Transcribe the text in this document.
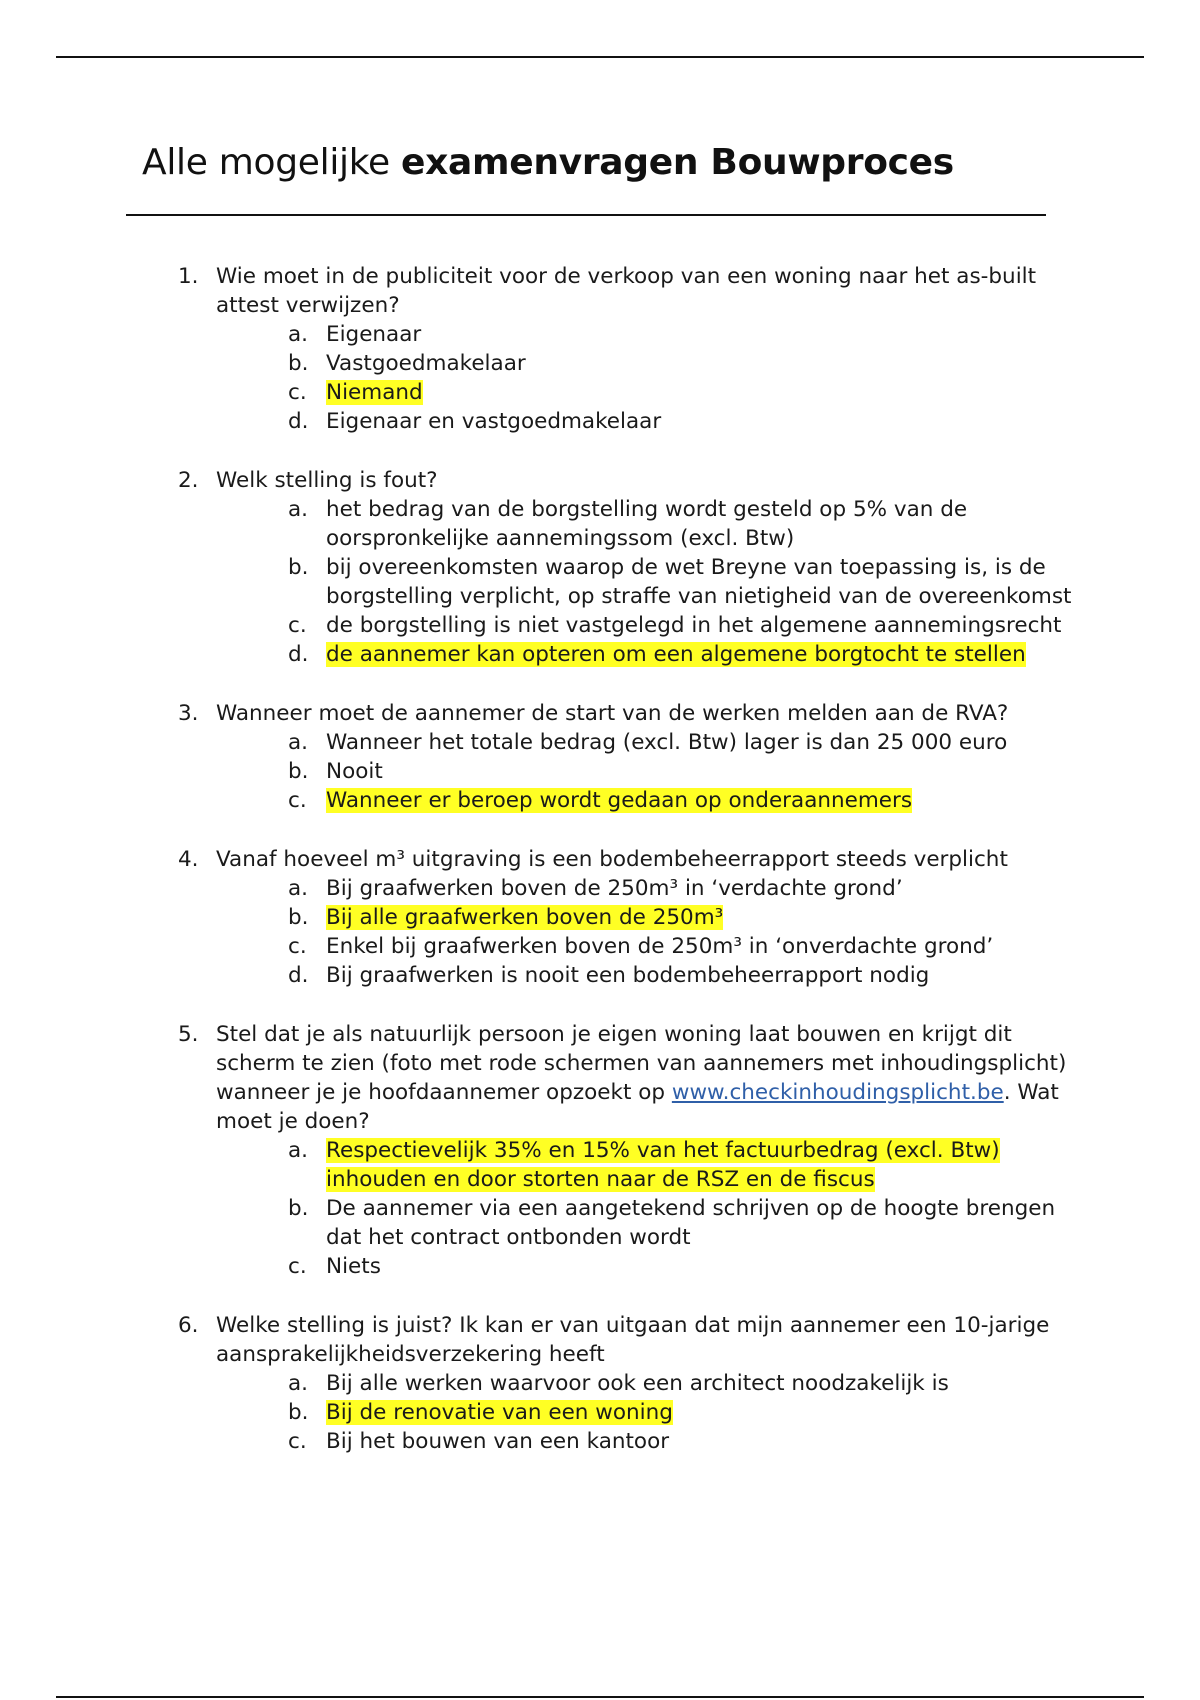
Alle mogelijke examenvragen Bouwproces
1. Wie moet in de publiciteit voor de verkoop van een woning naar het as-built attest verwijzen?
a. Eigenaar
b. Vastgoedmakelaar
c. Niemand
d. Eigenaar en vastgoedmakelaar
2. Welk stelling is fout?
a. het bedrag van de borgstelling wordt gesteld op 5% van de oorspronkelijke aannemingssom (excl. Btw)
b. bij overeenkomsten waarop de wet Breyne van toepassing is, is de borgstelling verplicht, op straffe van nietigheid van de overeenkomst
c. de borgstelling is niet vastgelegd in het algemene aannemingsrecht
d. de aannemer kan opteren om een algemene borgtocht te stellen
3. Wanneer moet de aannemer de start van de werken melden aan de RVA?
a. Wanneer het totale bedrag (excl. Btw) lager is dan 25 000 euro
b. Nooit
c. Wanneer er beroep wordt gedaan op onderaannemers
4. Vanaf hoeveel m³ uitgraving is een bodembeheerrapport steeds verplicht
a. Bij graafwerken boven de 250m³ in ‘verdachte grond’
b. Bij alle graafwerken boven de 250m³
c. Enkel bij graafwerken boven de 250m³ in ‘onverdachte grond’
d. Bij graafwerken is nooit een bodembeheerrapport nodig
5. Stel dat je als natuurlijk persoon je eigen woning laat bouwen en krijgt dit scherm te zien (foto met rode schermen van aannemers met inhoudingsplicht) wanneer je je hoofdaannemer opzoekt op www.checkinhoudingsplicht.be. Wat moet je doen?
a. Respectievelijk 35% en 15% van het factuurbedrag (excl. Btw) inhouden en door storten naar de RSZ en de fiscus
b. De aannemer via een aangetekend schrijven op de hoogte brengen dat het contract ontbonden wordt
c. Niets
6. Welke stelling is juist? Ik kan er van uitgaan dat mijn aannemer een 10-jarige aansprakelijkheidsverzekering heeft
a. Bij alle werken waarvoor ook een architect noodzakelijk is
b. Bij de renovatie van een woning
c. Bij het bouwen van een kantoor
